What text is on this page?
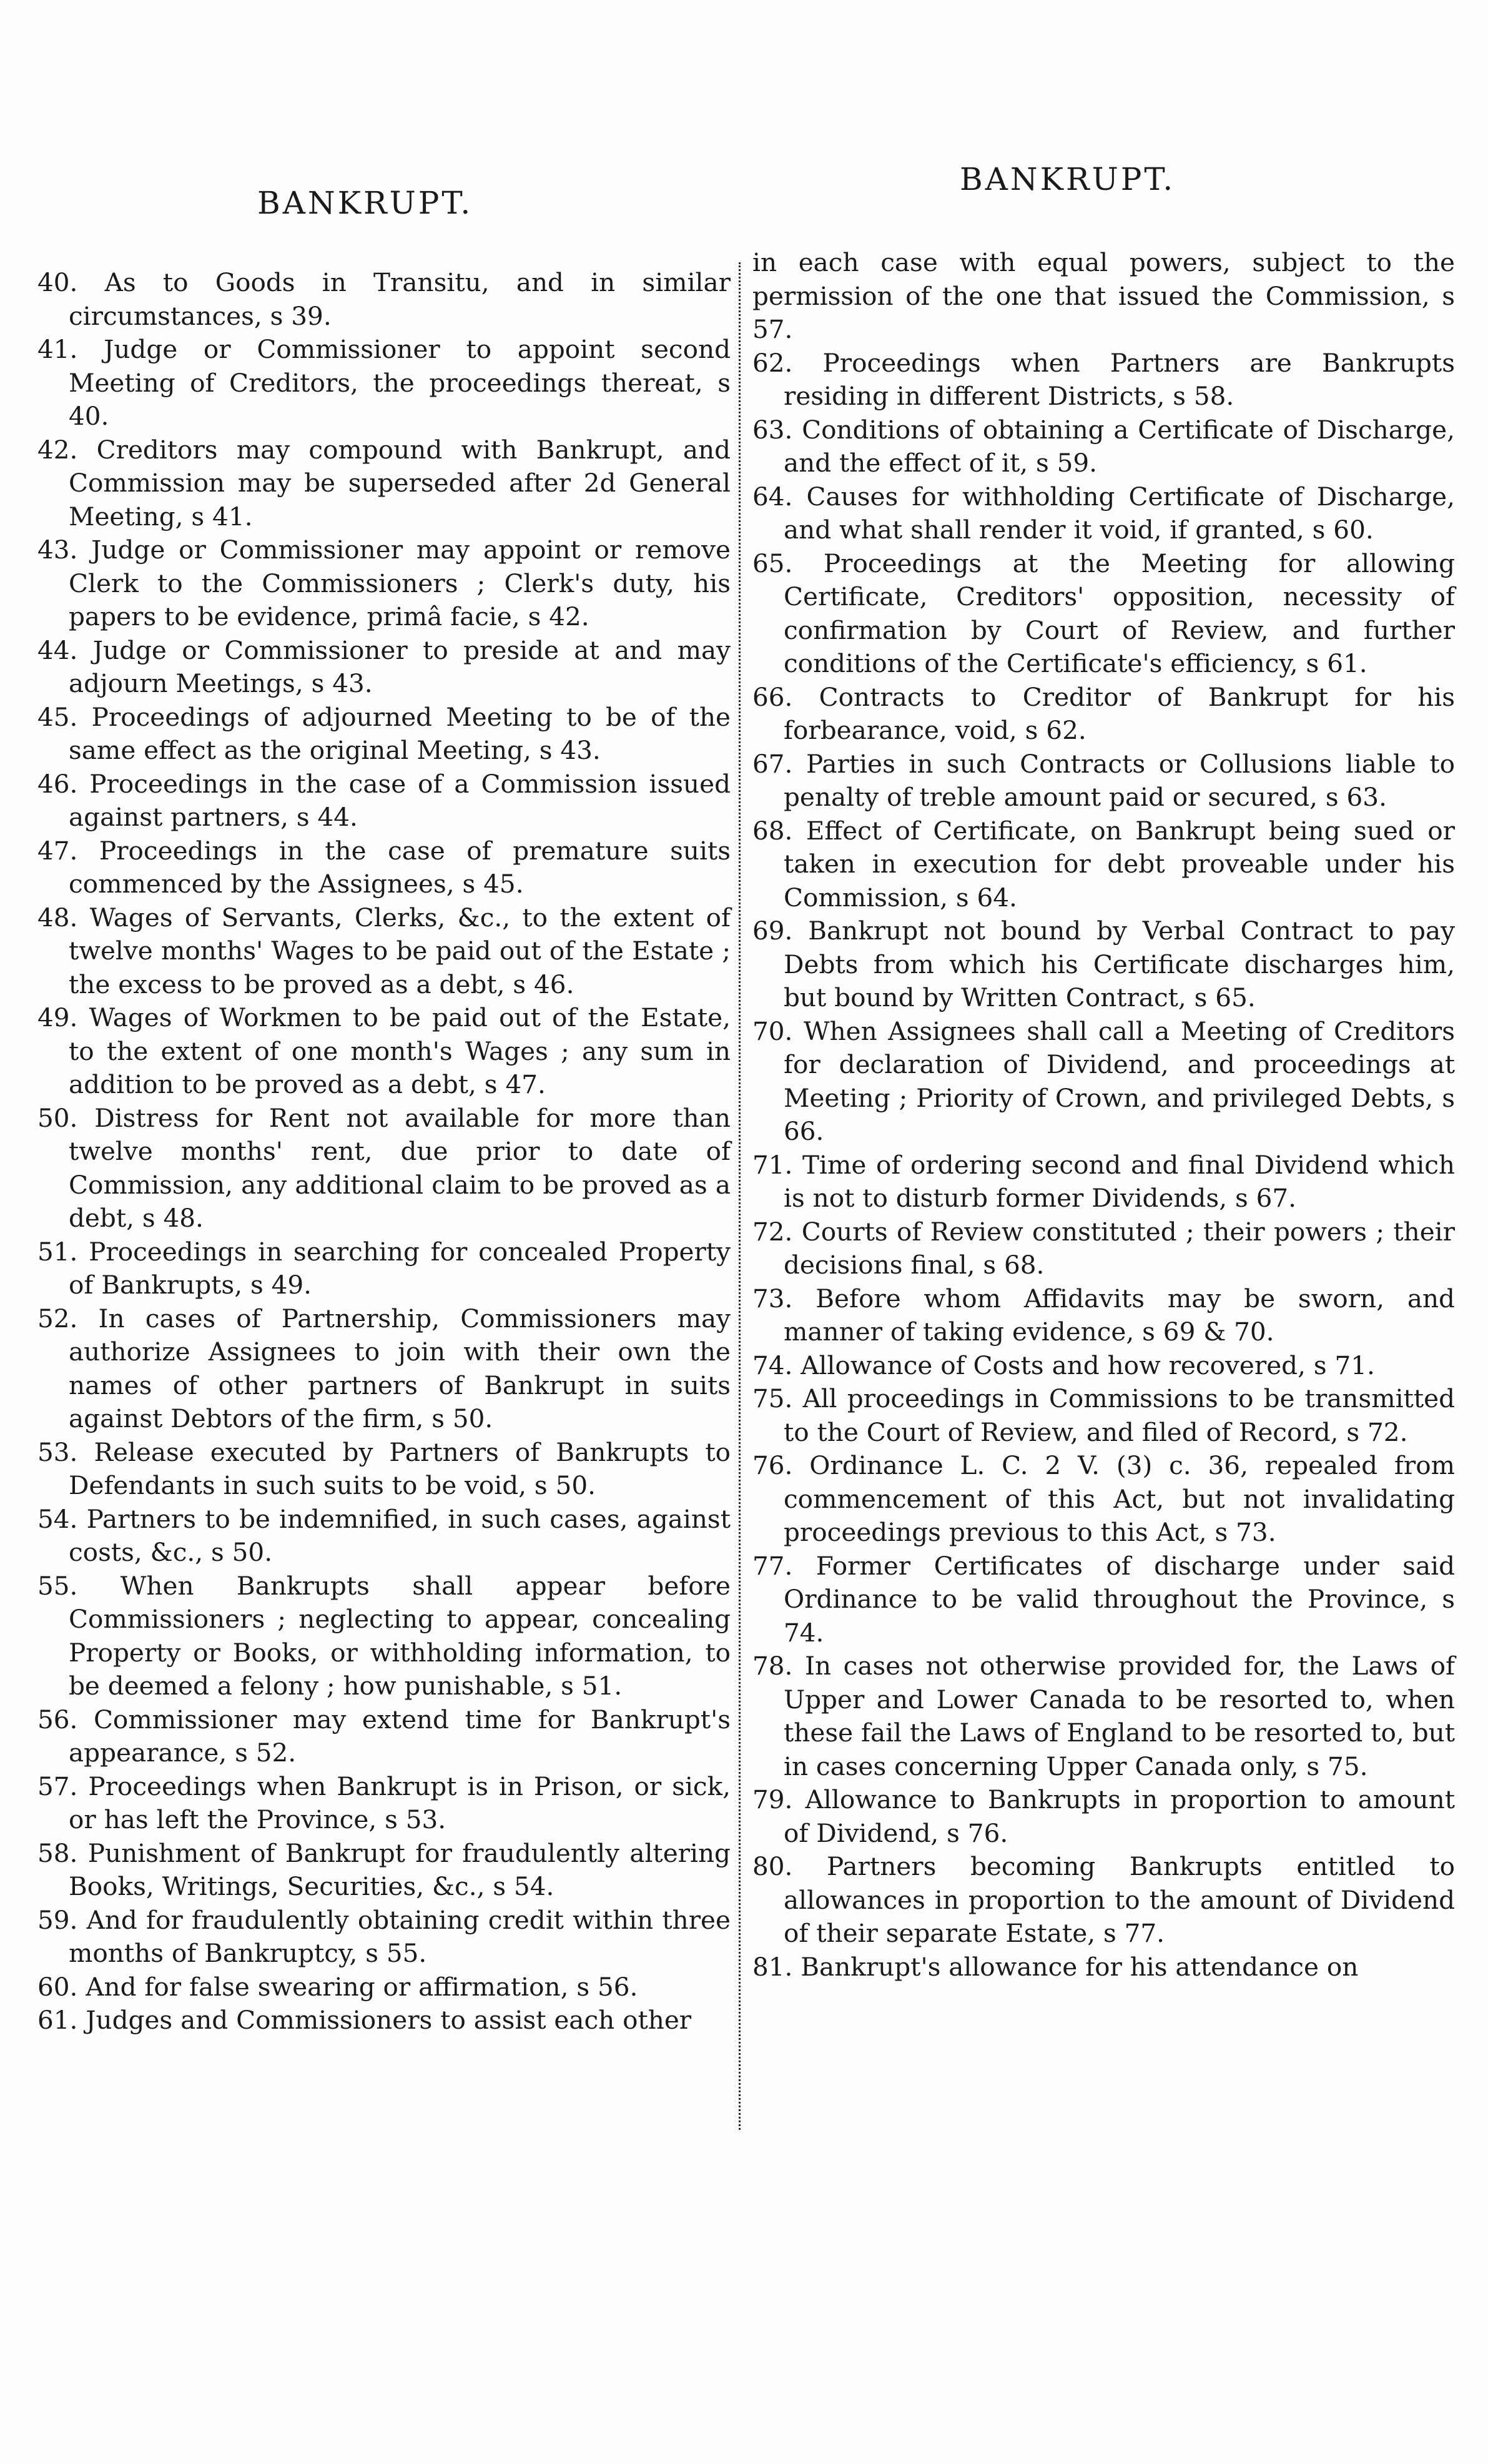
BANKRUPT.
BANKRUPT.

40. As to Goods in Transitu, and in similar circumstances, s 39.

41. Judge or Commissioner to appoint second Meeting of Creditors, the proceedings thereat, s 40.

42. Creditors may compound with Bankrupt, and Commission may be superseded after 2d General Meeting, s 41.

43. Judge or Commissioner may appoint or remove Clerk to the Commissioners ; Clerk's duty, his papers to be evidence, primâ facie, s 42.

44. Judge or Commissioner to preside at and may adjourn Meetings, s 43.

45. Proceedings of adjourned Meeting to be of the same effect as the original Meeting, s 43.

46. Proceedings in the case of a Commission issued against partners, s 44.

47. Proceedings in the case of premature suits commenced by the Assignees, s 45.

48. Wages of Servants, Clerks, &c., to the extent of twelve months' Wages to be paid out of the Estate ; the excess to be proved as a debt, s 46.

49. Wages of Workmen to be paid out of the Estate, to the extent of one month's Wages ; any sum in addition to be proved as a debt, s 47.

50. Distress for Rent not available for more than twelve months' rent, due prior to date of Commission, any additional claim to be proved as a debt, s 48.

51. Proceedings in searching for concealed Property of Bankrupts, s 49.

52. In cases of Partnership, Commissioners may authorize Assignees to join with their own the names of other partners of Bankrupt in suits against Debtors of the firm, s 50.

53. Release executed by Partners of Bankrupts to Defendants in such suits to be void, s 50.

54. Partners to be indemnified, in such cases, against costs, &c., s 50.

55. When Bankrupts shall appear before Commissioners ; neglecting to appear, concealing Property or Books, or withholding information, to be deemed a felony ; how punishable, s 51.

56. Commissioner may extend time for Bankrupt's appearance, s 52.

57. Proceedings when Bankrupt is in Prison, or sick, or has left the Province, s 53.

58. Punishment of Bankrupt for fraudulently altering Books, Writings, Securities, &c., s 54.

59. And for fraudulently obtaining credit within three months of Bankruptcy, s 55.

60. And for false swearing or affirmation, s 56.

61. Judges and Commissioners to assist each other

in each case with equal powers, subject to the permission of the one that issued the Commission, s 57.

62. Proceedings when Partners are Bankrupts residing in different Districts, s 58.

63. Conditions of obtaining a Certificate of Discharge, and the effect of it, s 59.

64. Causes for withholding Certificate of Discharge, and what shall render it void, if granted, s 60.

65. Proceedings at the Meeting for allowing Certificate, Creditors' opposition, necessity of confirmation by Court of Review, and further conditions of the Certificate's efficiency, s 61.

66. Contracts to Creditor of Bankrupt for his forbearance, void, s 62.

67. Parties in such Contracts or Collusions liable to penalty of treble amount paid or secured, s 63.

68. Effect of Certificate, on Bankrupt being sued or taken in execution for debt proveable under his Commission, s 64.

69. Bankrupt not bound by Verbal Contract to pay Debts from which his Certificate discharges him, but bound by Written Contract, s 65.

70. When Assignees shall call a Meeting of Creditors for declaration of Dividend, and proceedings at Meeting ; Priority of Crown, and privileged Debts, s 66.

71. Time of ordering second and final Dividend which is not to disturb former Dividends, s 67.

72. Courts of Review constituted ; their powers ; their decisions final, s 68.

73. Before whom Affidavits may be sworn, and manner of taking evidence, s 69 & 70.

74. Allowance of Costs and how recovered, s 71.

75. All proceedings in Commissions to be transmitted to the Court of Review, and filed of Record, s 72.

76. Ordinance L. C. 2 V. (3) c. 36, repealed from commencement of this Act, but not invalidating proceedings previous to this Act, s 73.

77. Former Certificates of discharge under said Ordinance to be valid throughout the Province, s 74.

78. In cases not otherwise provided for, the Laws of Upper and Lower Canada to be resorted to, when these fail the Laws of England to be resorted to, but in cases concerning Upper Canada only, s 75.

79. Allowance to Bankrupts in proportion to amount of Dividend, s 76.

80. Partners becoming Bankrupts entitled to allowances in proportion to the amount of Dividend of their separate Estate, s 77.

81. Bankrupt's allowance for his attendance on
